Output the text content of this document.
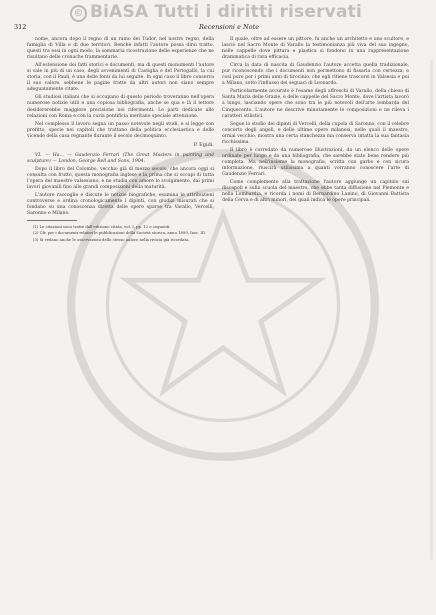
© BiASA Tutti i diritti riservati
312	Recensioni e Note

nome, ancora dopo il regno di un ramo dei Tudor, nel nostro regno, della famiglia di Villa e di due territori. Benchè infatti l'autore possa dirsi tratto, questi tra essi in ogni modo, la sommaria ricostruzione delle esperienze che ne risultano delle cronache frammentarie.

All'estensione dei fatti storici e documenti, ma di questi monumenti l'autore si vale in più di un caso, degli avvenimenti di Castiglia e del Portogallo, la cui storia, con il Pauli, è una delle fonti da lui seguite. In ogni caso il libro conserva il suo valore, sebbene le pagine tratte da altri autori non siano sempre adeguatamente citate.

Gli studiosi italiani che si occupano di questo periodo troveranno nell'opera numerose notizie utili e una copiosa bibliografia, anche se qua e là il lettore desidererebbe maggiore precisione nei riferimenti. Le parti dedicate alle relazioni con Roma e con la curia pontificia meritano speciale attenzione.

Nel complesso il lavoro segna un passo notevole negli studi, e si legge con profitto, specie nei capitoli che trattano della politica ecclesiastica e delle vicende della casa regnante durante il secolo decimoquinto.

P. Egidi.

VI. — Ha... — Gaudenzio Ferrari (The Great Masters in painting and sculpture) — London, George Bell and Sons, 1904.

Dopo il libro del Colombo, vecchio già di mezzo secolo, che ancora oggi si consulta con frutto, questa monografia inglese è la prima che si occupi di tutta l'opera del maestro valsesiano, e ne studia con amore lo svolgimento, dai primi lavori giovanili fino alle grandi composizioni della maturità.

L'autore raccoglie e discute le notizie biografiche, esamina le attribuzioni controverse e ordina cronologicamente i dipinti, con giudizi misurati che si fondano su una conoscenza diretta delle opere sparse tra Varallo, Vercelli, Saronno e Milano.

(1) Le citazioni sono tratte dall'edizione citata, vol. I, pp. 12 e seguenti.

(2) Cfr. per i documenti relativi le pubblicazioni della Società storica, anno 1899, fasc. III.

(3) Si vedano anche le osservazioni dello stesso autore nella rivista già ricordata.

Il quale, oltre ad essere un pittore, fu anche un architetto e uno scultore, e lasciò nel Sacro Monte di Varallo la testimonianza più viva del suo ingegno, nelle cappelle dove pittura e plastica si fondono in una rappresentazione drammatica di rara efficacia.

Circa la data di nascita di Gaudenzio l'autore accetta quella tradizionale, pur riconoscendo che i documenti non permettono di fissarla con certezza; e così pure per i primi anni di tirocinio, che egli ritiene trascorsi in Valsesia e poi a Milano, sotto l'influsso dei seguaci di Leonardo.

Particolarmente accurato è l'esame degli affreschi di Varallo, della chiesa di Santa Maria delle Grazie, e delle cappelle del Sacro Monte, dove l'artista lavorò a lungo, lasciando opere che sono tra le più notevoli dell'arte lombarda del Cinquecento. L'autore ne descrive minutamente le composizioni e ne rileva i caratteri stilistici.

Segue lo studio dei dipinti di Vercelli, della cupola di Saronno, con il celebre concerto degli angeli, e delle ultime opere milanesi, nelle quali il maestro, ormai vecchio, mostra una certa stanchezza ma conserva intatta la sua fantasia ricchissima.

Il libro è corredato da numerose illustrazioni, da un elenco delle opere ordinate per luogo e da una bibliografia, che sarebbe stato bene rendere più completa. Ma nell'insieme la monografia, scritta con garbo e con sicura informazione, riuscirà utilissima a quanti vorranno conoscere l'arte di Gaudenzio Ferrari.

Come complemento alla trattazione l'autore aggiunge un capitolo sui discepoli e sulla scuola del maestro, che ebbe tanta diffusione nel Piemonte e nella Lombardia, e ricorda i nomi di Bernardino Lanino, di Giovanni Battista della Cerva e di altri minori, dei quali indica le opere principali.
